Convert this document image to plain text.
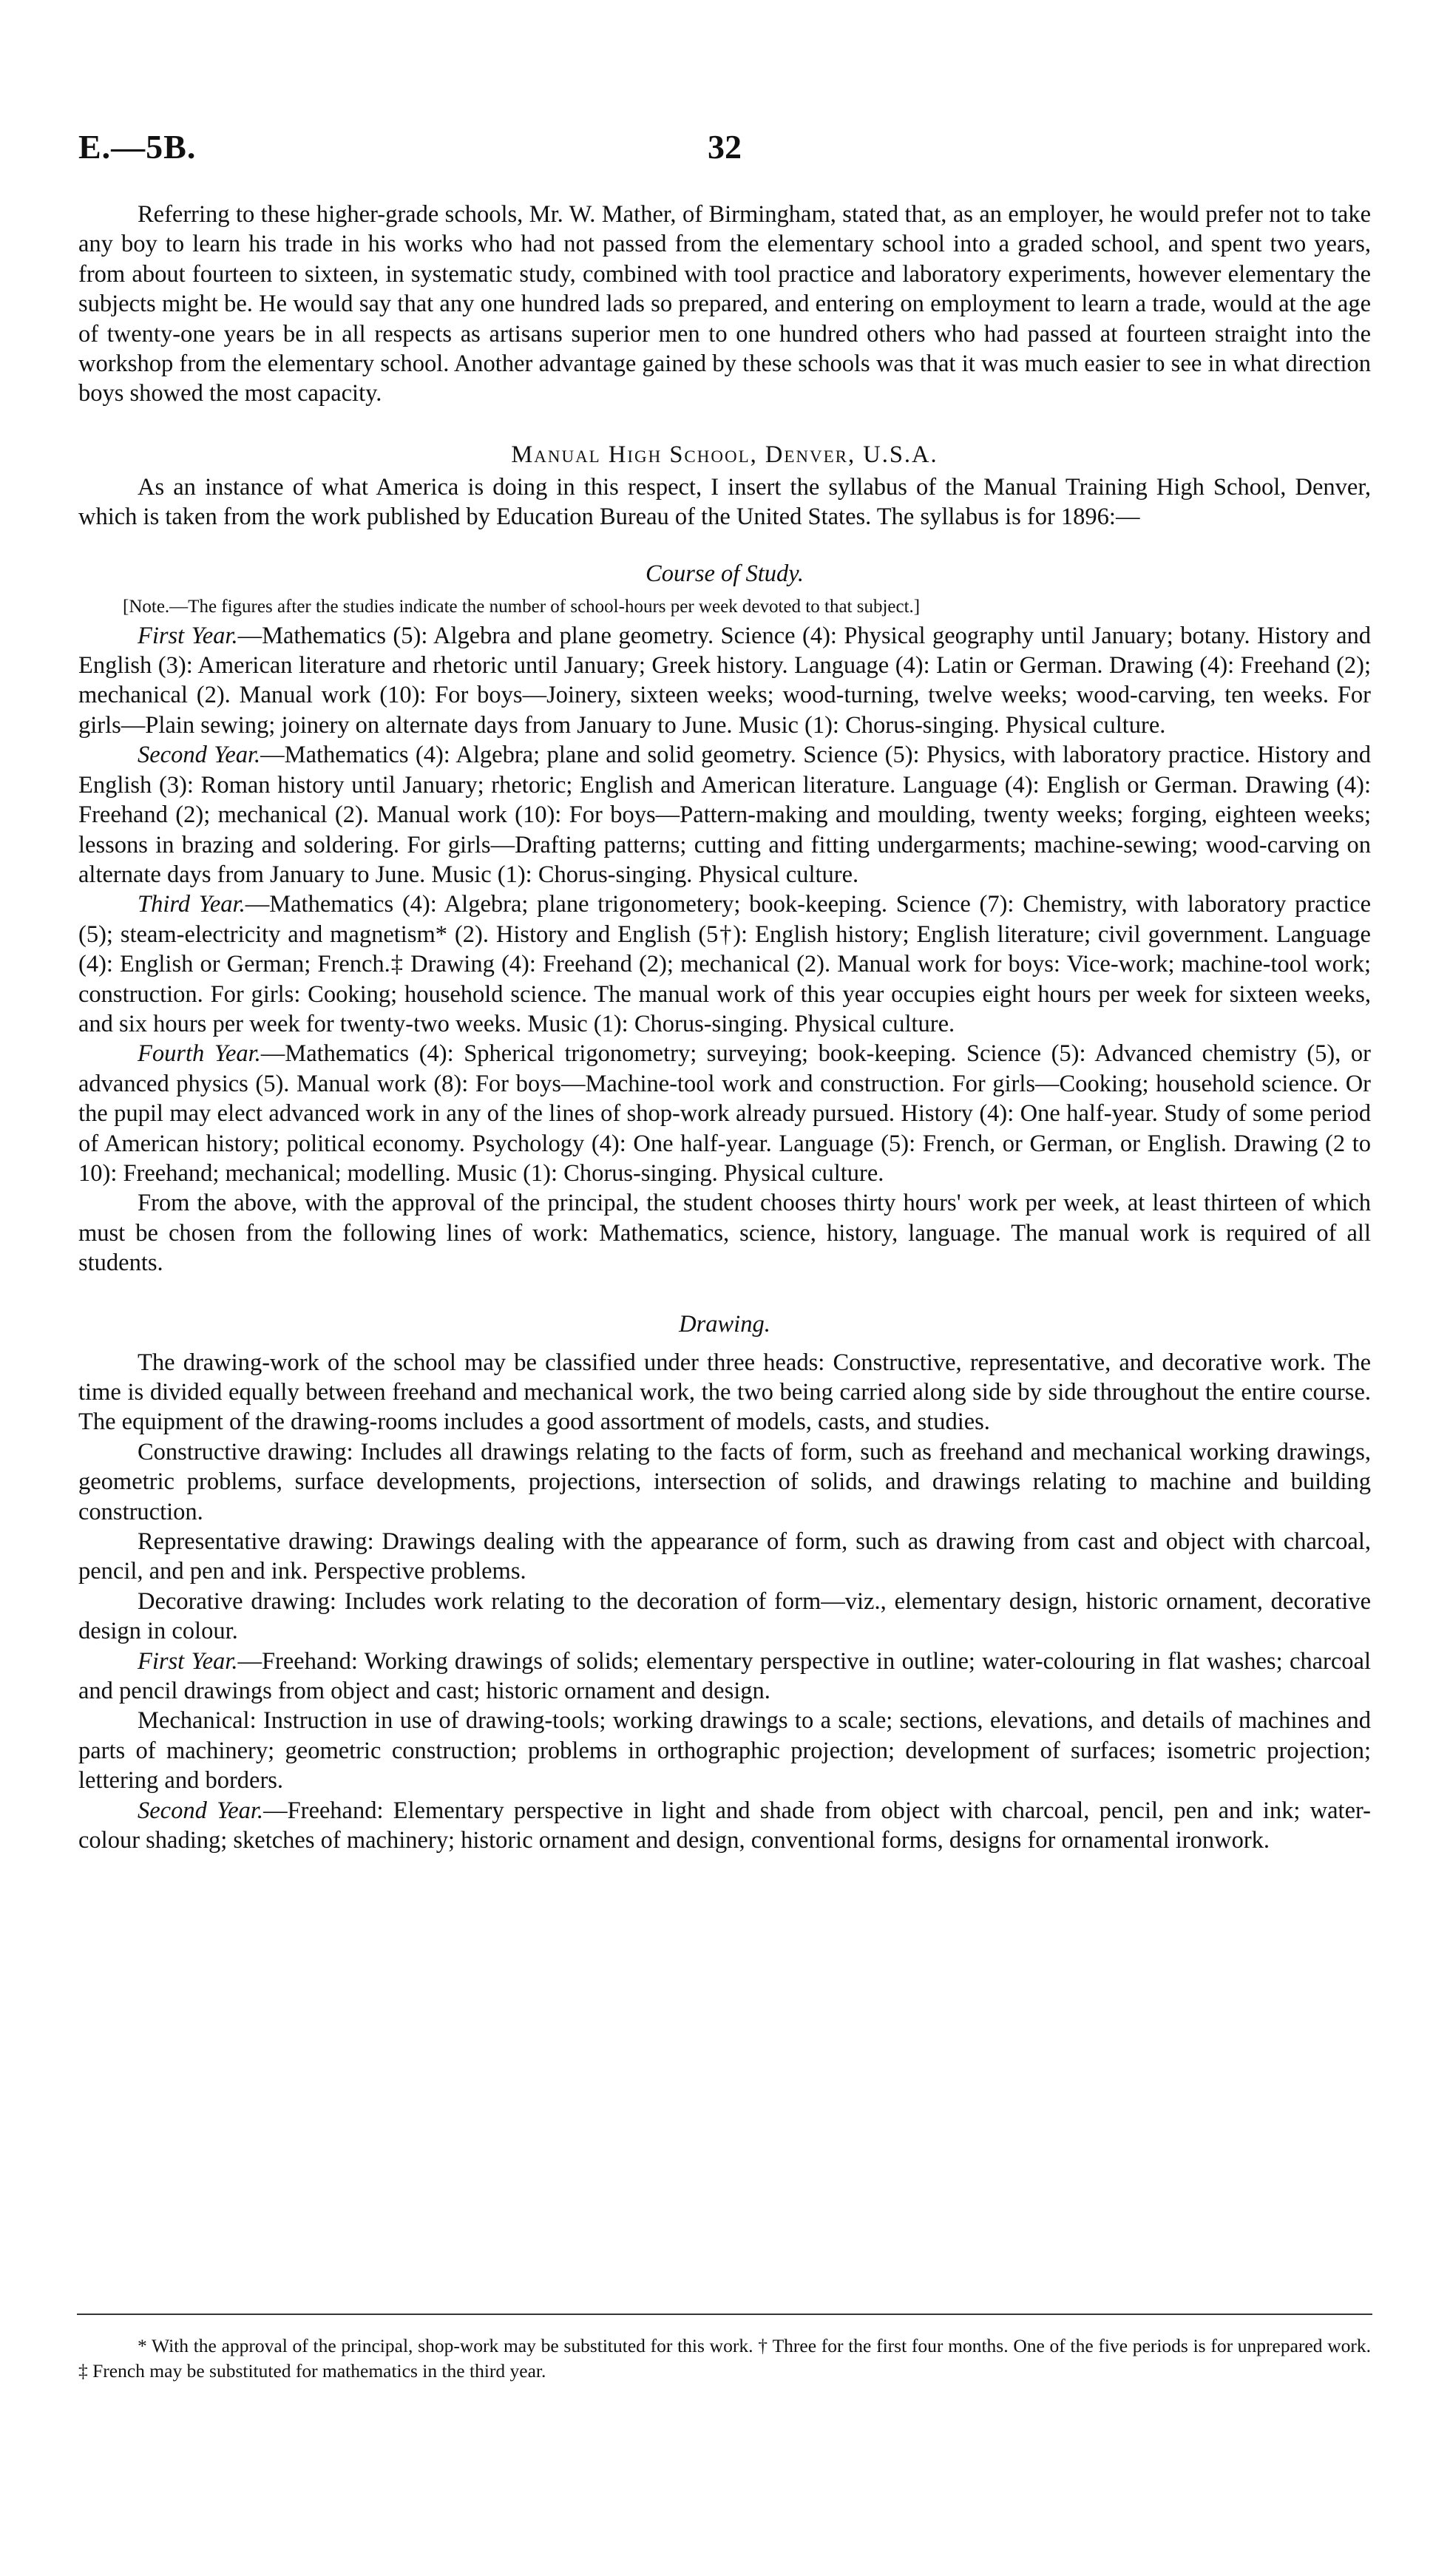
E.—5B.	32

Referring to these higher-grade schools, Mr. W. Mather, of Birmingham, stated that, as an employer, he would prefer not to take any boy to learn his trade in his works who had not passed from the elementary school into a graded school, and spent two years, from about fourteen to sixteen, in systematic study, combined with tool practice and laboratory experiments, however elementary the subjects might be. He would say that any one hundred lads so prepared, and entering on employment to learn a trade, would at the age of twenty-one years be in all respects as artisans superior men to one hundred others who had passed at fourteen straight into the workshop from the elementary school. Another advantage gained by these schools was that it was much easier to see in what direction boys showed the most capacity.

Manual High School, Denver, U.S.A.

As an instance of what America is doing in this respect, I insert the syllabus of the Manual Training High School, Denver, which is taken from the work published by Education Bureau of the United States. The syllabus is for 1896:—

Course of Study.

[Note.—The figures after the studies indicate the number of school-hours per week devoted to that subject.]

First Year.—Mathematics (5): Algebra and plane geometry. Science (4): Physical geography until January; botany. History and English (3): American literature and rhetoric until January; Greek history. Language (4): Latin or German. Drawing (4): Freehand (2); mechanical (2). Manual work (10): For boys—Joinery, sixteen weeks; wood-turning, twelve weeks; wood-carving, ten weeks. For girls—Plain sewing; joinery on alternate days from January to June. Music (1): Chorus-singing. Physical culture.

Second Year.—Mathematics (4): Algebra; plane and solid geometry. Science (5): Physics, with laboratory practice. History and English (3): Roman history until January; rhetoric; English and American literature. Language (4): English or German. Drawing (4): Freehand (2); mechanical (2). Manual work (10): For boys—Pattern-making and moulding, twenty weeks; forging, eighteen weeks; lessons in brazing and soldering. For girls—Drafting patterns; cutting and fitting undergarments; machine-sewing; wood-carving on alternate days from January to June. Music (1): Chorus-singing. Physical culture.

Third Year.—Mathematics (4): Algebra; plane trigonometery; book-keeping. Science (7): Chemistry, with laboratory practice (5); steam-electricity and magnetism* (2). History and English (5†): English history; English literature; civil government. Language (4): English or German; French.‡ Drawing (4): Freehand (2); mechanical (2). Manual work for boys: Vice-work; machine-tool work; construction. For girls: Cooking; household science. The manual work of this year occupies eight hours per week for sixteen weeks, and six hours per week for twenty-two weeks. Music (1): Chorus-singing. Physical culture.

Fourth Year.—Mathematics (4): Spherical trigonometry; surveying; book-keeping. Science (5): Advanced chemistry (5), or advanced physics (5). Manual work (8): For boys—Machine-tool work and construction. For girls—Cooking; household science. Or the pupil may elect advanced work in any of the lines of shop-work already pursued. History (4): One half-year. Study of some period of American history; political economy. Psychology (4): One half-year. Language (5): French, or German, or English. Drawing (2 to 10): Freehand; mechanical; modelling. Music (1): Chorus-singing. Physical culture.

From the above, with the approval of the principal, the student chooses thirty hours' work per week, at least thirteen of which must be chosen from the following lines of work: Mathematics, science, history, language. The manual work is required of all students.

Drawing.

The drawing-work of the school may be classified under three heads: Constructive, representative, and decorative work. The time is divided equally between freehand and mechanical work, the two being carried along side by side throughout the entire course. The equipment of the drawing-rooms includes a good assortment of models, casts, and studies.

Constructive drawing: Includes all drawings relating to the facts of form, such as freehand and mechanical working drawings, geometric problems, surface developments, projections, intersection of solids, and drawings relating to machine and building construction.

Representative drawing: Drawings dealing with the appearance of form, such as drawing from cast and object with charcoal, pencil, and pen and ink. Perspective problems.

Decorative drawing: Includes work relating to the decoration of form—viz., elementary design, historic ornament, decorative design in colour.

First Year.—Freehand: Working drawings of solids; elementary perspective in outline; water-colouring in flat washes; charcoal and pencil drawings from object and cast; historic ornament and design.

Mechanical: Instruction in use of drawing-tools; working drawings to a scale; sections, elevations, and details of machines and parts of machinery; geometric construction; problems in orthographic projection; development of surfaces; isometric projection; lettering and borders.

Second Year.—Freehand: Elementary perspective in light and shade from object with charcoal, pencil, pen and ink; water-colour shading; sketches of machinery; historic ornament and design, conventional forms, designs for ornamental ironwork.

* With the approval of the principal, shop-work may be substituted for this work. † Three for the first four months. One of the five periods is for unprepared work. ‡ French may be substituted for mathematics in the third year.
